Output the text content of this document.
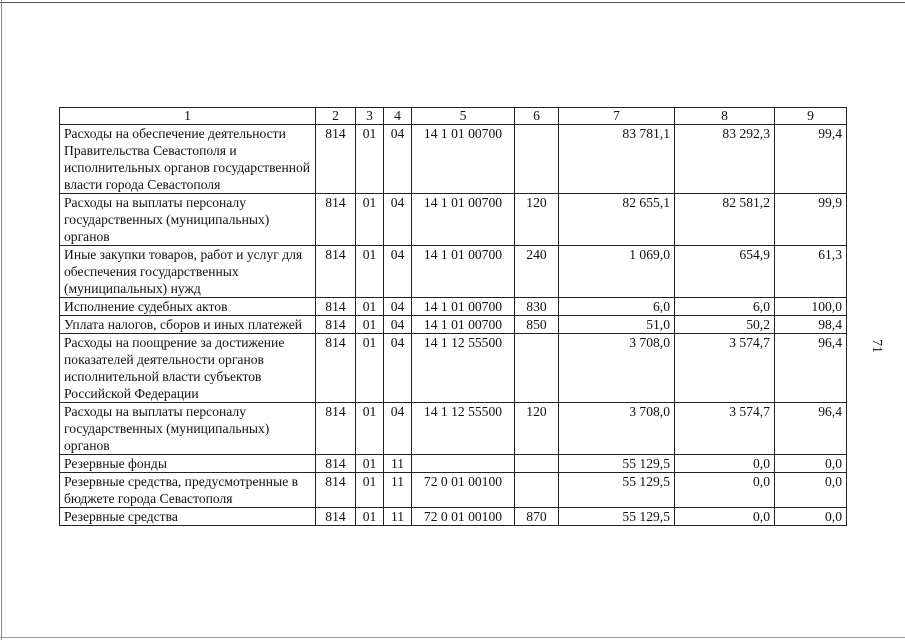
1	2	3	4	5	6	7	8	9
Расходы на обеспечение деятельности Правительства Севастополя и исполнительных органов государственной власти города Севастополя	814	01	04	14 1 01 00700		83 781,1	83 292,3	99,4
Расходы на выплаты персоналу государственных (муниципальных) органов	814	01	04	14 1 01 00700	120	82 655,1	82 581,2	99,9
Иные закупки товаров, работ и услуг для обеспечения государственных (муниципальных) нужд	814	01	04	14 1 01 00700	240	1 069,0	654,9	61,3
Исполнение судебных актов	814	01	04	14 1 01 00700	830	6,0	6,0	100,0
Уплата налогов, сборов и иных платежей	814	01	04	14 1 01 00700	850	51,0	50,2	98,4
Расходы на поощрение за достижение показателей деятельности органов исполнительной власти субъектов Российской Федерации	814	01	04	14 1 12 55500		3 708,0	3 574,7	96,4
Расходы на выплаты персоналу государственных (муниципальных) органов	814	01	04	14 1 12 55500	120	3 708,0	3 574,7	96,4
Резервные фонды	814	01	11			55 129,5	0,0	0,0
Резервные средства, предусмотренные в бюджете города Севастополя	814	01	11	72 0 01 00100		55 129,5	0,0	0,0
Резервные средства	814	01	11	72 0 01 00100	870	55 129,5	0,0	0,0
71
